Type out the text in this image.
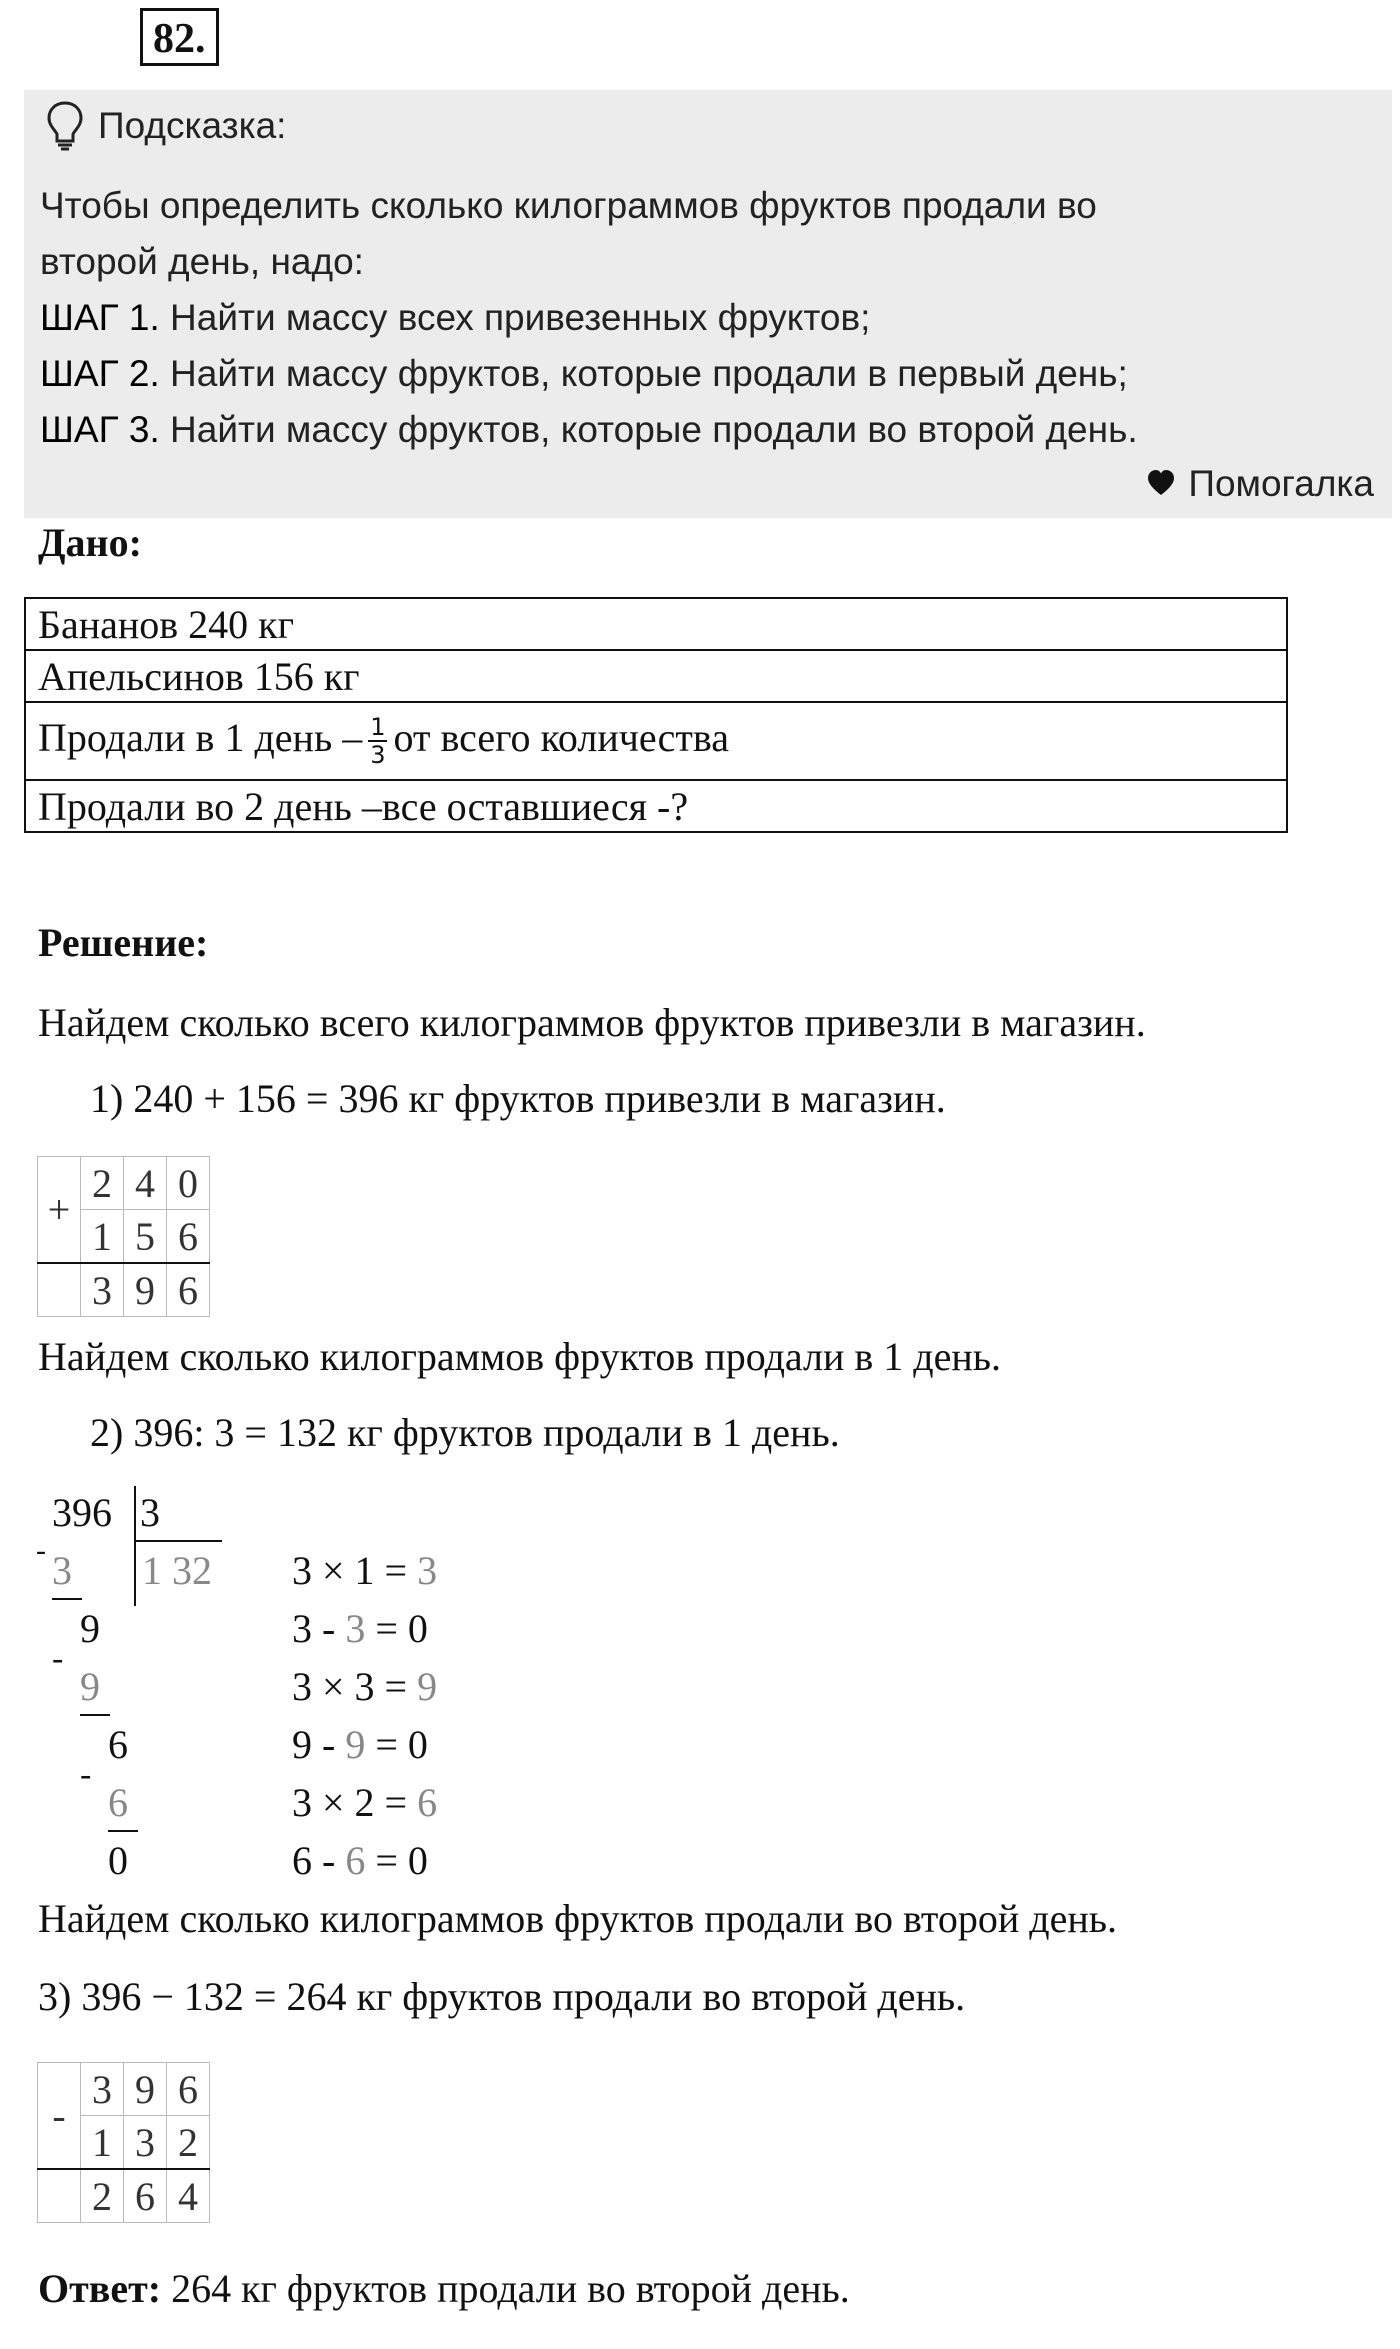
82.
Подсказка:
Чтобы определить сколько килограммов фруктов продали во
второй день, надо:
ШАГ 1. Найти массу всех привезенных фруктов;
ШАГ 2. Найти массу фруктов, которые продали в первый день;
ШАГ 3. Найти массу фруктов, которые продали во второй день.
Помогалка
Дано:
Бананов 240 кг
Апельсинов 156 кг
Продали в 1 день – $\frac{1}{3}$ от всего количества
Продали во 2 день –все оставшиеся -?
Решение:
Найдем сколько всего килограммов фруктов привезли в магазин.
1) 240 + 156 = 396 кг фруктов привезли в магазин.
+	2	4	0
	1	5	6
	3	9	6
Найдем сколько килограммов фруктов продали в 1 день.
2) 396: 3 = 132 кг фруктов продали в 1 день.
396 3
1 32
- 3
9
-
9
6
-
6
0
3 × 1 = 3
3 - 3 = 0
3 × 3 = 9
9 - 9 = 0
3 × 2 = 6
6 - 6 = 0
Найдем сколько килограммов фруктов продали во второй день.
3) 396 − 132 = 264 кг фруктов продали во второй день.
-	3	9	6
	1	3	2
	2	6	4
Ответ: 264 кг фруктов продали во второй день.
